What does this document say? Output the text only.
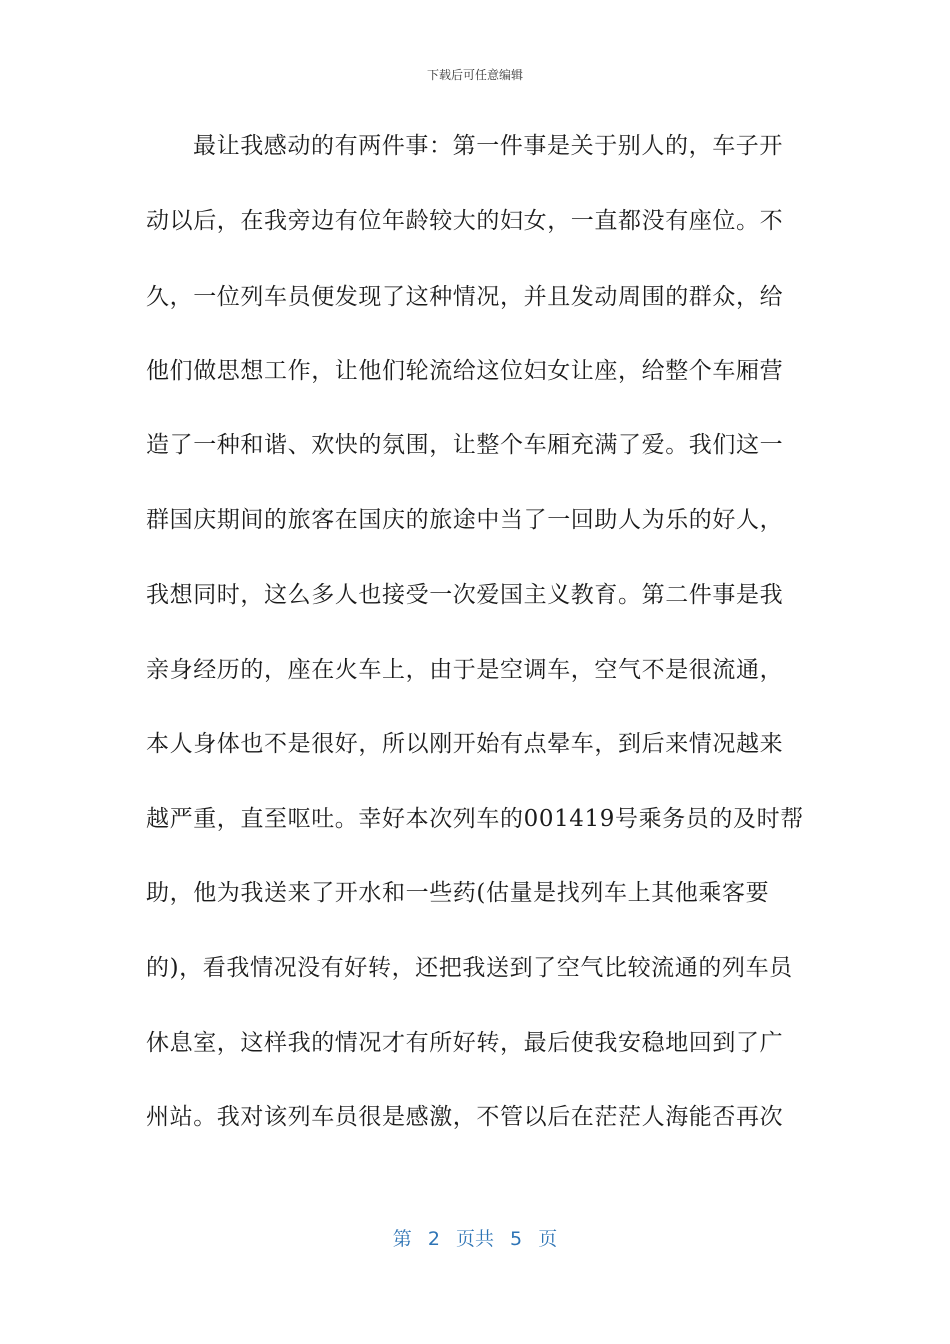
下载后可任意编辑
最让我感动的有两件事：第一件事是关于别人的，车子开
动以后，在我旁边有位年龄较大的妇女，一直都没有座位。不
久，一位列车员便发现了这种情况，并且发动周围的群众，给
他们做思想工作，让他们轮流给这位妇女让座，给整个车厢营
造了一种和谐、欢快的氛围，让整个车厢充满了爱。我们这一
群国庆期间的旅客在国庆的旅途中当了一回助人为乐的好人，
我想同时，这么多人也接受一次爱国主义教育。第二件事是我
亲身经历的，座在火车上，由于是空调车，空气不是很流通，
本人身体也不是很好，所以刚开始有点晕车，到后来情况越来
越严重，直至呕吐。幸好本次列车的001419号乘务员的及时帮
助，他为我送来了开水和一些药(估量是找列车上其他乘客要
的)，看我情况没有好转，还把我送到了空气比较流通的列车员
休息室，这样我的情况才有所好转，最后使我安稳地回到了广
州站。我对该列车员很是感激，不管以后在茫茫人海能否再次
第 2 页共 5 页
